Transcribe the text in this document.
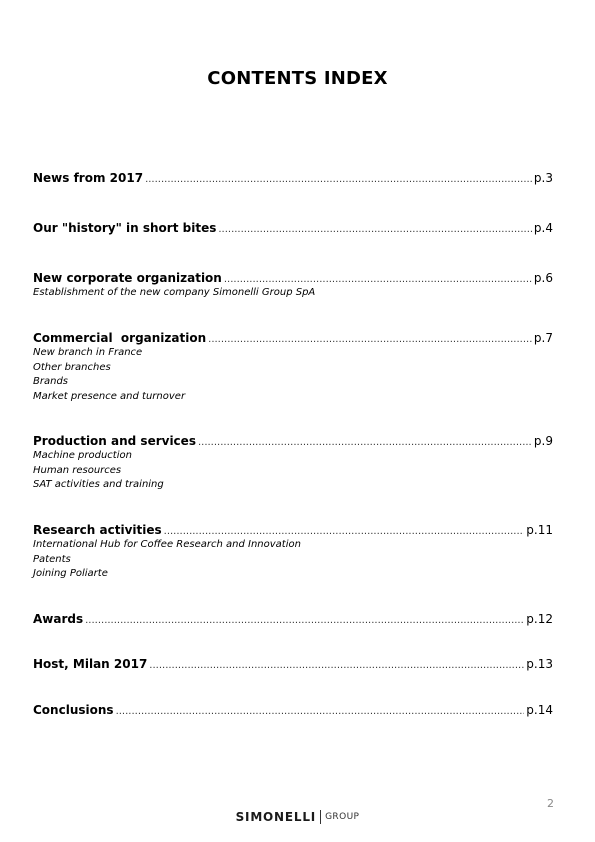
CONTENTS INDEX
News from 2017 .....	p.3
Our "history" in short bites .....	p.4
New corporate organization .....	p.6
Establishment of the new company Simonelli Group SpA
Commercial  organization .....	p.7
New branch in France
Other branches
Brands
Market presence and turnover
Production and services .....	p.9
Machine production
Human resources
SAT activities and training
Research activities .....	p.11
International Hub for Coffee Research and Innovation
Patents
Joining Poliarte
Awards .....	p.12
Host, Milan 2017 .....	p.13
Conclusions .....	p.14
2
SIMONELLI GROUP
